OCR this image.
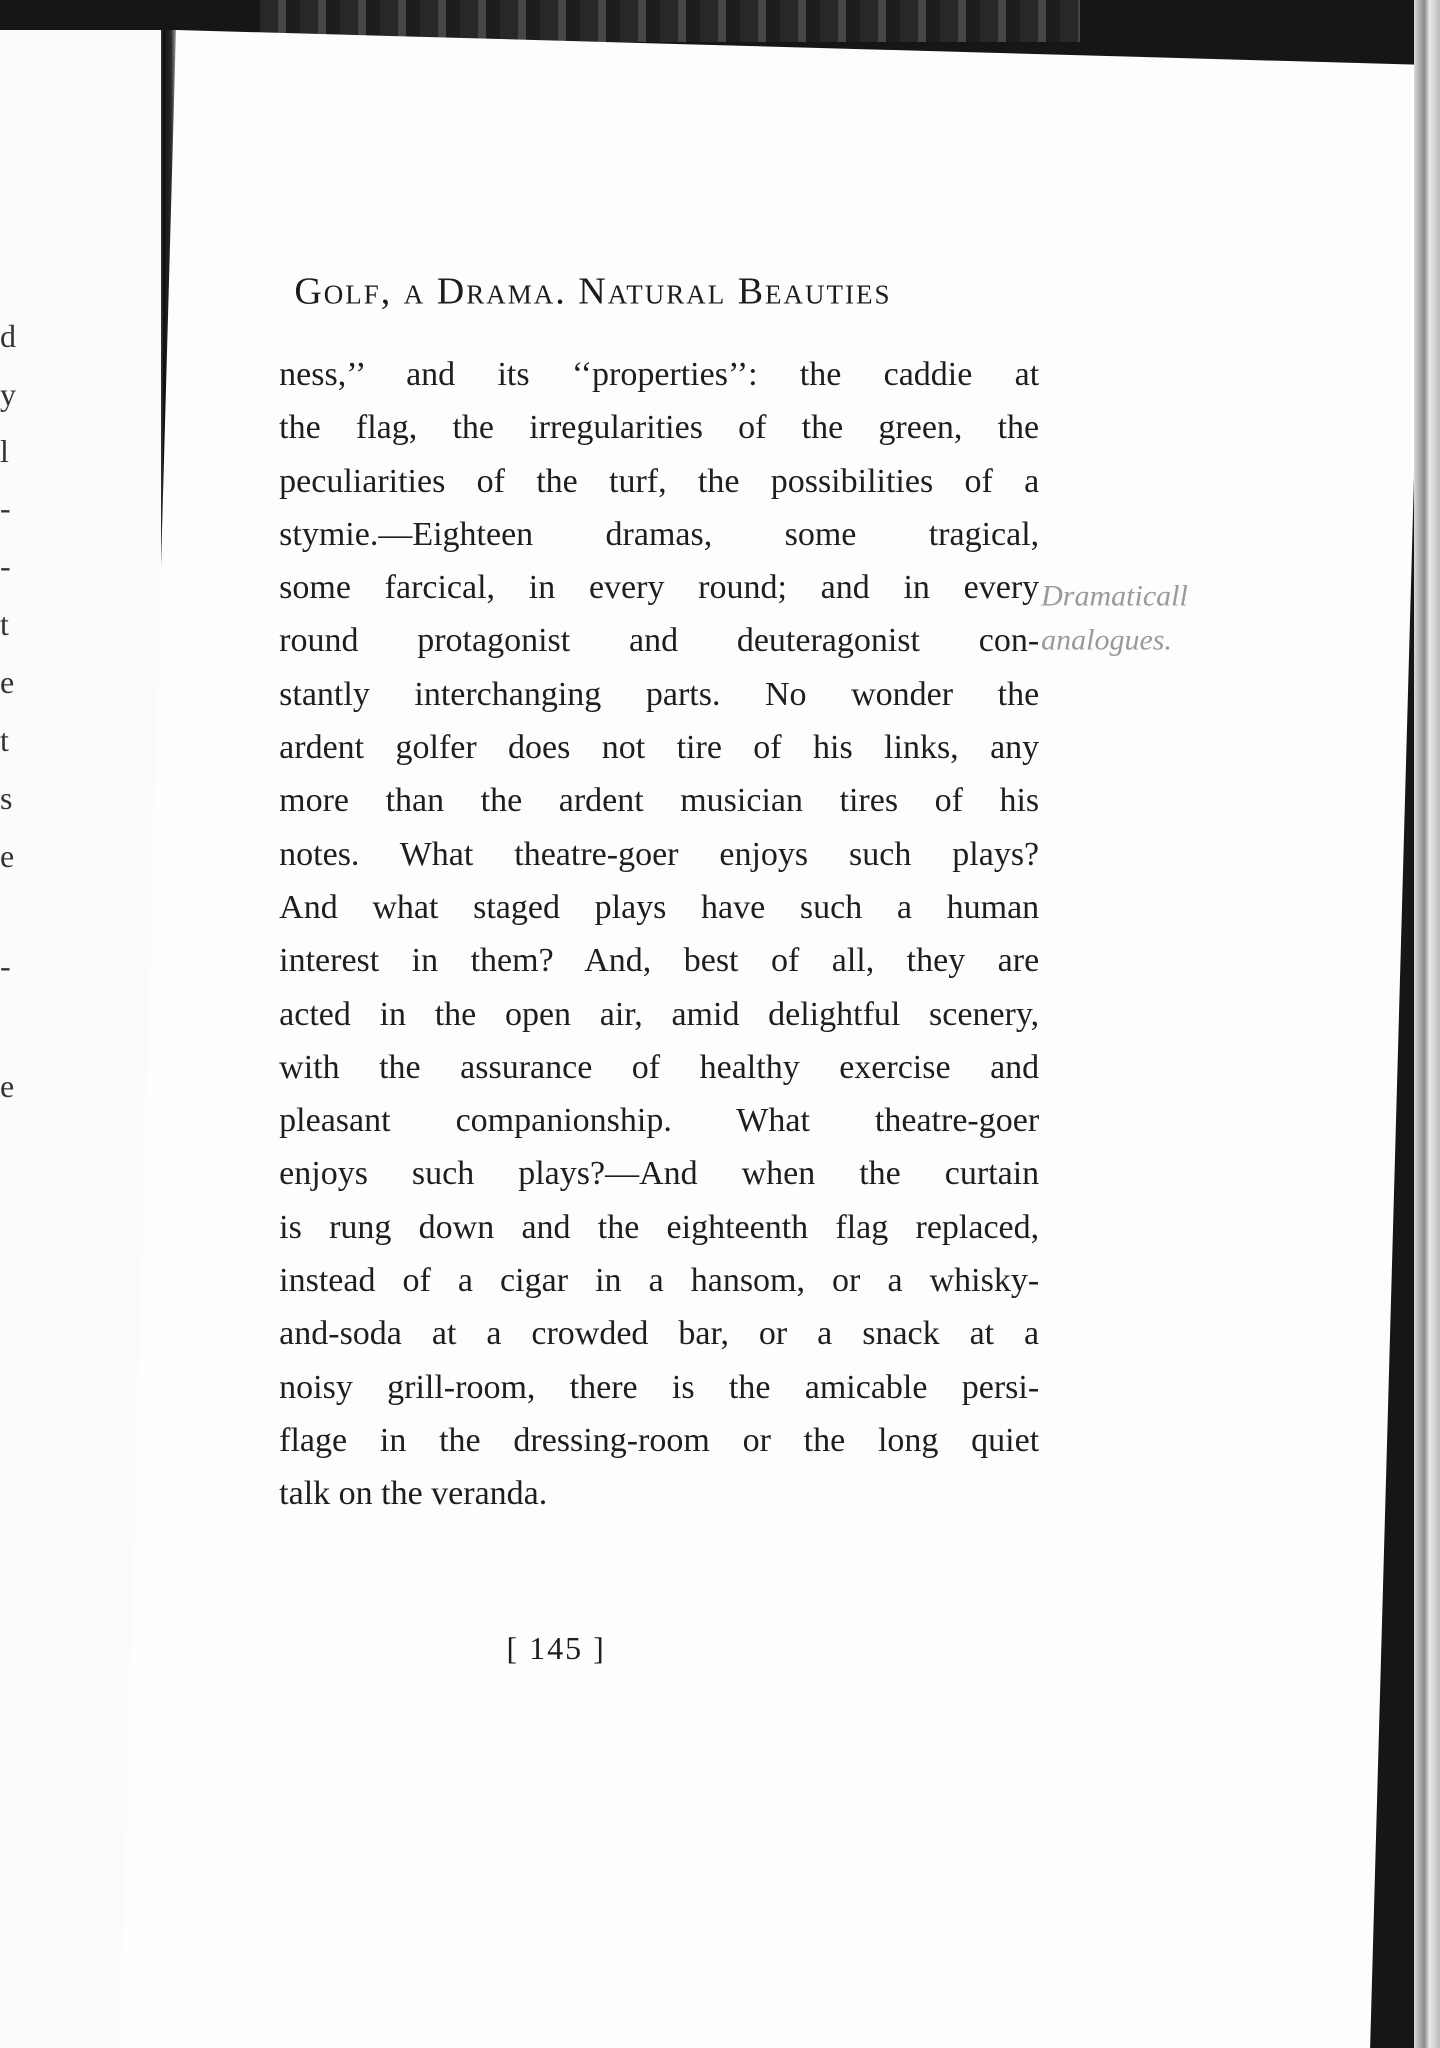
d
y
l
-
-
t
e
t
s
e
-
e
Golf, a Drama. Natural Beauties
ness,’’ and its ‘‘properties’’: the caddie at
the flag, the irregularities of the green, the
peculiarities of the turf, the possibilities of a
stymie.—Eighteen dramas, some tragical,
some farcical, in every round; and in every
round protagonist and deuteragonist con-
stantly interchanging parts. No wonder the
ardent golfer does not tire of his links, any
more than the ardent musician tires of his
notes. What theatre-goer enjoys such plays?
And what staged plays have such a human
interest in them? And, best of all, they are
acted in the open air, amid delightful scenery,
with the assurance of healthy exercise and
pleasant companionship. What theatre-goer
enjoys such plays?—And when the curtain
is rung down and the eighteenth flag replaced,
instead of a cigar in a hansom, or a whisky-
and-soda at a crowded bar, or a snack at a
noisy grill-room, there is the amicable persi-
flage in the dressing-room or the long quiet
talk on the veranda.
Dramaticall
analogues.
[ 145 ]
